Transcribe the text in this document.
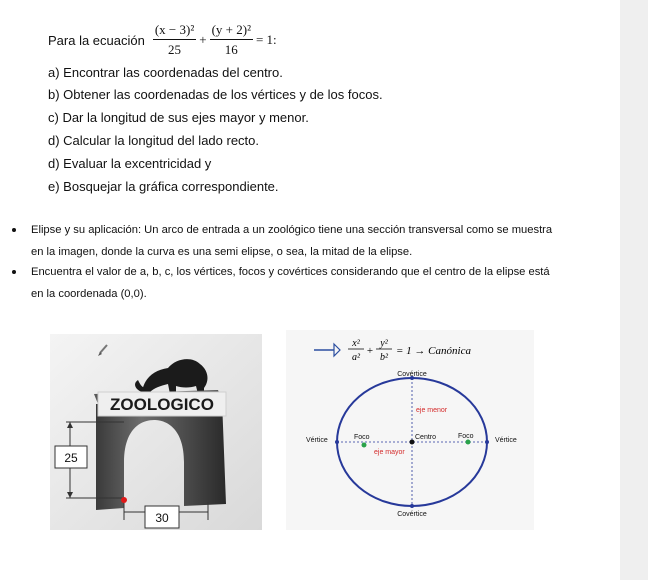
Para la ecuación $\frac{\text{(x − 3)²}}{25} + \frac{\text{(y + 2)²}}{16} = 1$:
a) Encontrar las coordenadas del centro.
b) Obtener las coordenadas de los vértices y de los focos.
c) Dar la longitud de sus ejes mayor y menor.
d) Calcular la longitud del lado recto.
d) Evaluar la excentricidad y
e) Bosquejar la gráfica correspondiente.
Elipse y su aplicación: Un arco de entrada a un zoológico tiene una sección transversal como se muestra
en la imagen, donde la curva es una semi elipse, o sea, la mitad de la elipse.
Encuentra el valor de a, b, c, los vértices, focos y covértices considerando que el centro de la elipse está
en la coordenada (0,0).
ZOOLOGICO
25
30
x²
a²
+
y²
b²
= 1 → Canónica
Covértice
Covértice
Vértice	Vértice
Foco	Foco
Centro
eje menor
eje mayor
